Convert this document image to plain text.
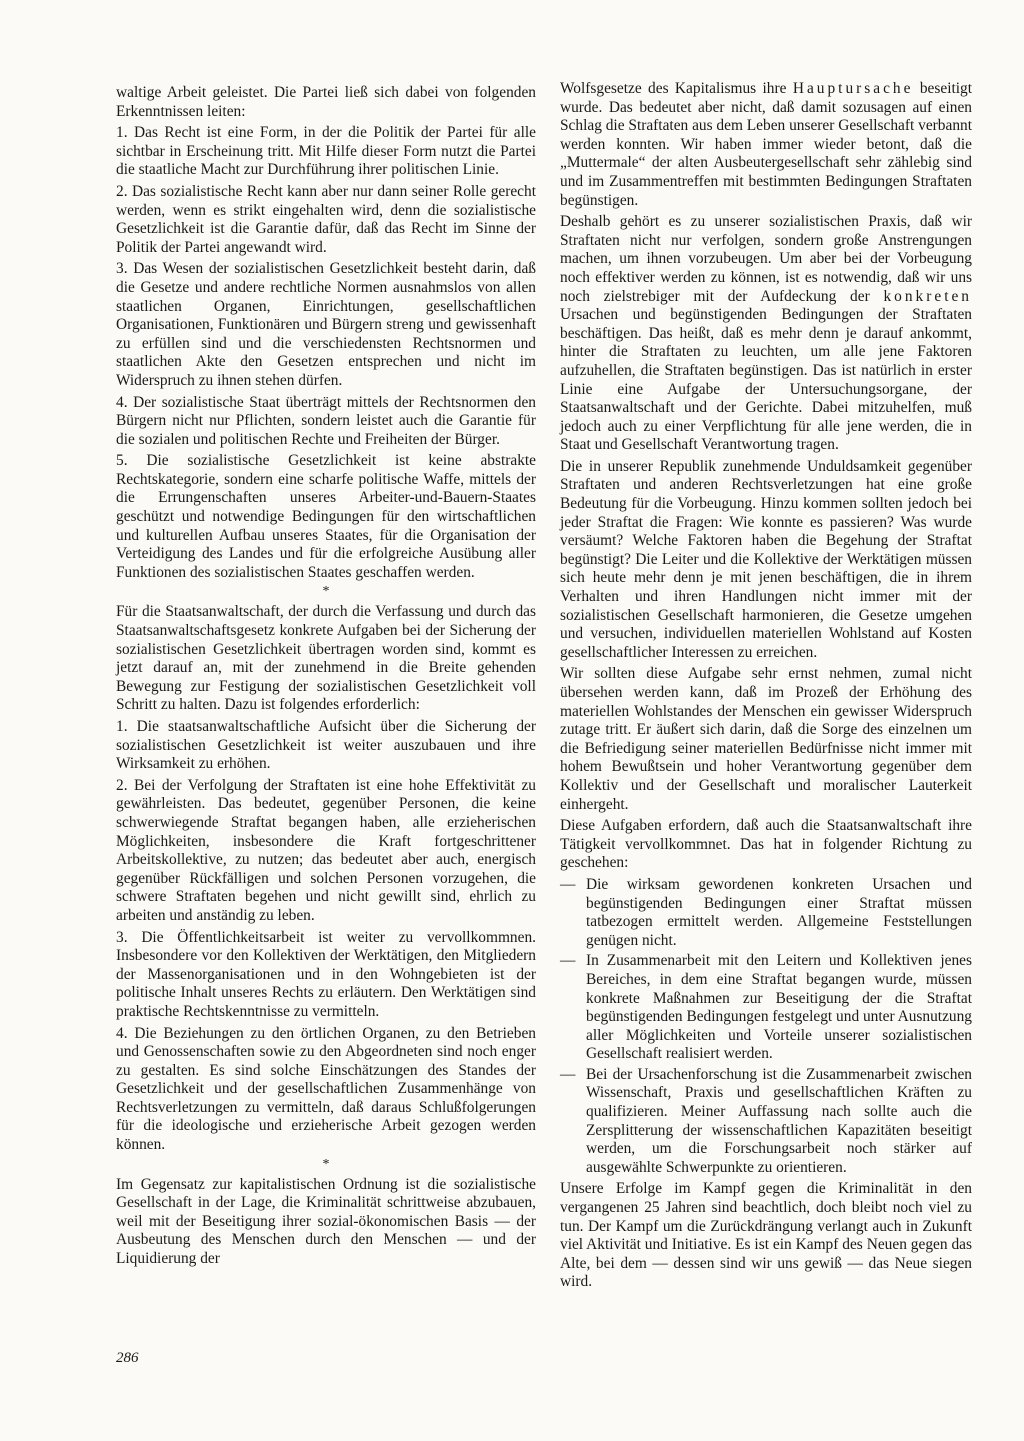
waltige Arbeit geleistet. Die Partei ließ sich dabei von folgenden Erkenntnissen leiten:

1. Das Recht ist eine Form, in der die Politik der Partei für alle sichtbar in Erscheinung tritt. Mit Hilfe dieser Form nutzt die Partei die staatliche Macht zur Durchführung ihrer politischen Linie.

2. Das sozialistische Recht kann aber nur dann seiner Rolle gerecht werden, wenn es strikt eingehalten wird, denn die sozialistische Gesetzlichkeit ist die Garantie dafür, daß das Recht im Sinne der Politik der Partei angewandt wird.

3. Das Wesen der sozialistischen Gesetzlichkeit besteht darin, daß die Gesetze und andere rechtliche Normen ausnahmslos von allen staatlichen Organen, Einrichtungen, gesellschaftlichen Organisationen, Funktionären und Bürgern streng und gewissenhaft zu erfüllen sind und die verschiedensten Rechtsnormen und staatlichen Akte den Gesetzen entsprechen und nicht im Widerspruch zu ihnen stehen dürfen.

4. Der sozialistische Staat überträgt mittels der Rechtsnormen den Bürgern nicht nur Pflichten, sondern leistet auch die Garantie für die sozialen und politischen Rechte und Freiheiten der Bürger.

5. Die sozialistische Gesetzlichkeit ist keine abstrakte Rechtskategorie, sondern eine scharfe politische Waffe, mittels der die Errungenschaften unseres Arbeiter-und-Bauern-Staates geschützt und notwendige Bedingungen für den wirtschaftlichen und kulturellen Aufbau unseres Staates, für die Organisation der Verteidigung des Landes und für die erfolgreiche Ausübung aller Funktionen des sozialistischen Staates geschaffen werden.

*

Für die Staatsanwaltschaft, der durch die Verfassung und durch das Staatsanwaltschaftsgesetz konkrete Aufgaben bei der Sicherung der sozialistischen Gesetzlichkeit übertragen worden sind, kommt es jetzt darauf an, mit der zunehmend in die Breite gehenden Bewegung zur Festigung der sozialistischen Gesetzlichkeit voll Schritt zu halten. Dazu ist folgendes erforderlich:

1. Die staatsanwaltschaftliche Aufsicht über die Sicherung der sozialistischen Gesetzlichkeit ist weiter auszubauen und ihre Wirksamkeit zu erhöhen.

2. Bei der Verfolgung der Straftaten ist eine hohe Effektivität zu gewährleisten. Das bedeutet, gegenüber Personen, die keine schwerwiegende Straftat begangen haben, alle erzieherischen Möglichkeiten, insbesondere die Kraft fortgeschrittener Arbeitskollektive, zu nutzen; das bedeutet aber auch, energisch gegenüber Rückfälligen und solchen Personen vorzugehen, die schwere Straftaten begehen und nicht gewillt sind, ehrlich zu arbeiten und anständig zu leben.

3. Die Öffentlichkeitsarbeit ist weiter zu vervollkommnen. Insbesondere vor den Kollektiven der Werktätigen, den Mitgliedern der Massenorganisationen und in den Wohngebieten ist der politische Inhalt unseres Rechts zu erläutern. Den Werktätigen sind praktische Rechtskenntnisse zu vermitteln.

4. Die Beziehungen zu den örtlichen Organen, zu den Betrieben und Genossenschaften sowie zu den Abgeordneten sind noch enger zu gestalten. Es sind solche Einschätzungen des Standes der Gesetzlichkeit und der gesellschaftlichen Zusammenhänge von Rechtsverletzungen zu vermitteln, daß daraus Schlußfolgerungen für die ideologische und erzieherische Arbeit gezogen werden können.

*

Im Gegensatz zur kapitalistischen Ordnung ist die sozialistische Gesellschaft in der Lage, die Kriminalität schrittweise abzubauen, weil mit der Beseitigung ihrer sozial-ökonomischen Basis — der Ausbeutung des Menschen durch den Menschen — und der Liquidierung der

Wolfsgesetze des Kapitalismus ihre Hauptursache beseitigt wurde. Das bedeutet aber nicht, daß damit sozusagen auf einen Schlag die Straftaten aus dem Leben unserer Gesellschaft verbannt werden konnten. Wir haben immer wieder betont, daß die „Muttermale“ der alten Ausbeutergesellschaft sehr zählebig sind und im Zusammentreffen mit bestimmten Bedingungen Straftaten begünstigen.

Deshalb gehört es zu unserer sozialistischen Praxis, daß wir Straftaten nicht nur verfolgen, sondern große Anstrengungen machen, um ihnen vorzubeugen. Um aber bei der Vorbeugung noch effektiver werden zu können, ist es notwendig, daß wir uns noch zielstrebiger mit der Aufdeckung der konkreten Ursachen und begünstigenden Bedingungen der Straftaten beschäftigen. Das heißt, daß es mehr denn je darauf ankommt, hinter die Straftaten zu leuchten, um alle jene Faktoren aufzuhellen, die Straftaten begünstigen. Das ist natürlich in erster Linie eine Aufgabe der Untersuchungsorgane, der Staatsanwaltschaft und der Gerichte. Dabei mitzuhelfen, muß jedoch auch zu einer Verpflichtung für alle jene werden, die in Staat und Gesellschaft Verantwortung tragen.

Die in unserer Republik zunehmende Unduldsamkeit gegenüber Straftaten und anderen Rechtsverletzungen hat eine große Bedeutung für die Vorbeugung. Hinzu kommen sollten jedoch bei jeder Straftat die Fragen: Wie konnte es passieren? Was wurde versäumt? Welche Faktoren haben die Begehung der Straftat begünstigt? Die Leiter und die Kollektive der Werktätigen müssen sich heute mehr denn je mit jenen beschäftigen, die in ihrem Verhalten und ihren Handlungen nicht immer mit der sozialistischen Gesellschaft harmonieren, die Gesetze umgehen und versuchen, individuellen materiellen Wohlstand auf Kosten gesellschaftlicher Interessen zu erreichen.

Wir sollten diese Aufgabe sehr ernst nehmen, zumal nicht übersehen werden kann, daß im Prozeß der Erhöhung des materiellen Wohlstandes der Menschen ein gewisser Widerspruch zutage tritt. Er äußert sich darin, daß die Sorge des einzelnen um die Befriedigung seiner materiellen Bedürfnisse nicht immer mit hohem Bewußtsein und hoher Verantwortung gegenüber dem Kollektiv und der Gesellschaft und moralischer Lauterkeit einhergeht.

Diese Aufgaben erfordern, daß auch die Staatsanwaltschaft ihre Tätigkeit vervollkommnet. Das hat in folgender Richtung zu geschehen:

— Die wirksam gewordenen konkreten Ursachen und begünstigenden Bedingungen einer Straftat müssen tatbezogen ermittelt werden. Allgemeine Feststellungen genügen nicht.
— In Zusammenarbeit mit den Leitern und Kollektiven jenes Bereiches, in dem eine Straftat begangen wurde, müssen konkrete Maßnahmen zur Beseitigung der die Straftat begünstigenden Bedingungen festgelegt und unter Ausnutzung aller Möglichkeiten und Vorteile unserer sozialistischen Gesellschaft realisiert werden.
— Bei der Ursachenforschung ist die Zusammenarbeit zwischen Wissenschaft, Praxis und gesellschaftlichen Kräften zu qualifizieren. Meiner Auffassung nach sollte auch die Zersplitterung der wissenschaftlichen Kapazitäten beseitigt werden, um die Forschungsarbeit noch stärker auf ausgewählte Schwerpunkte zu orientieren.

Unsere Erfolge im Kampf gegen die Kriminalität in den vergangenen 25 Jahren sind beachtlich, doch bleibt noch viel zu tun. Der Kampf um die Zurückdrängung verlangt auch in Zukunft viel Aktivität und Initiative. Es ist ein Kampf des Neuen gegen das Alte, bei dem — dessen sind wir uns gewiß — das Neue siegen wird.

286
